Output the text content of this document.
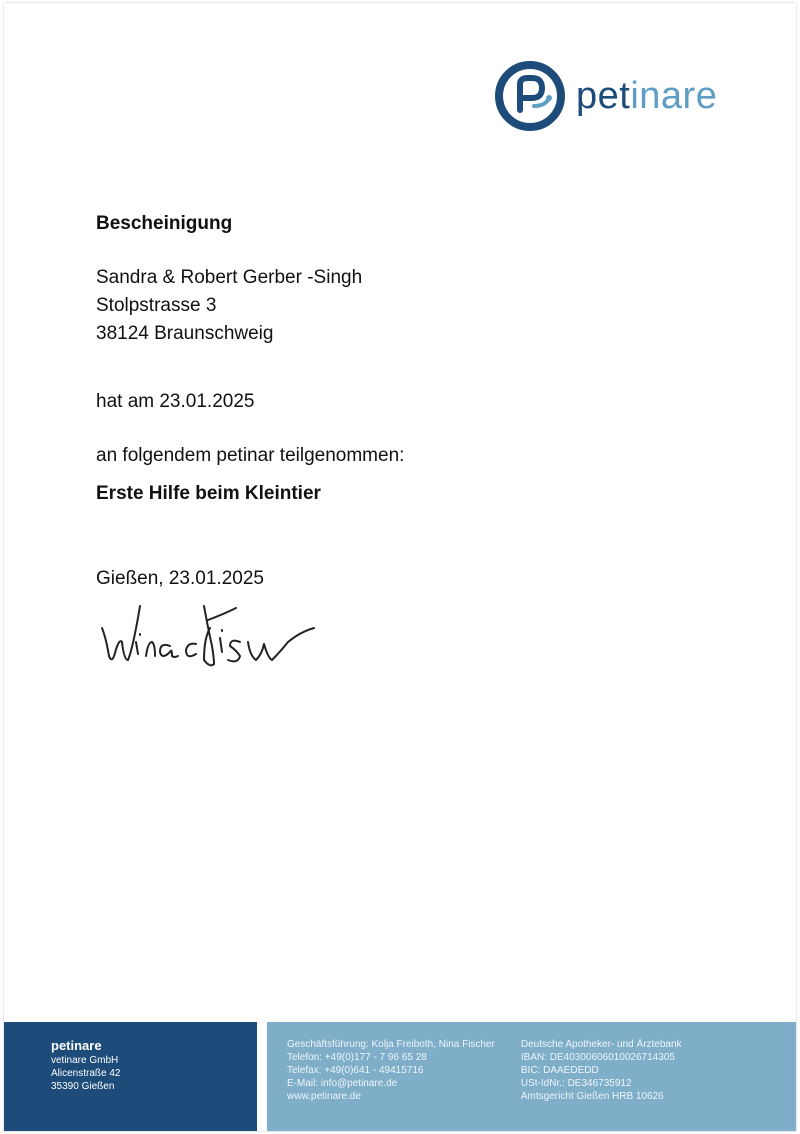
petinare
Bescheinigung
Sandra & Robert Gerber -Singh
Stolpstrasse 3
38124 Braunschweig
hat am 23.01.2025
an folgendem petinar teilgenommen:
Erste Hilfe beim Kleintier
Gießen, 23.01.2025
petinare
vetinare GmbH
Alicenstraße 42
35390 Gießen
Geschäftsführung: Kolja Freiboth, Nina Fischer
Telefon: +49(0)177 - 7 96 65 28
Telefax: +49(0)641 - 49415716
E-Mail: info@petinare.de
www.petinare.de
Deutsche Apotheker- und Ärztebank
IBAN: DE40300606010026714305
BIC: DAAEDEDD
USt-IdNr.: DE346735912
Amtsgericht Gießen HRB 10626
